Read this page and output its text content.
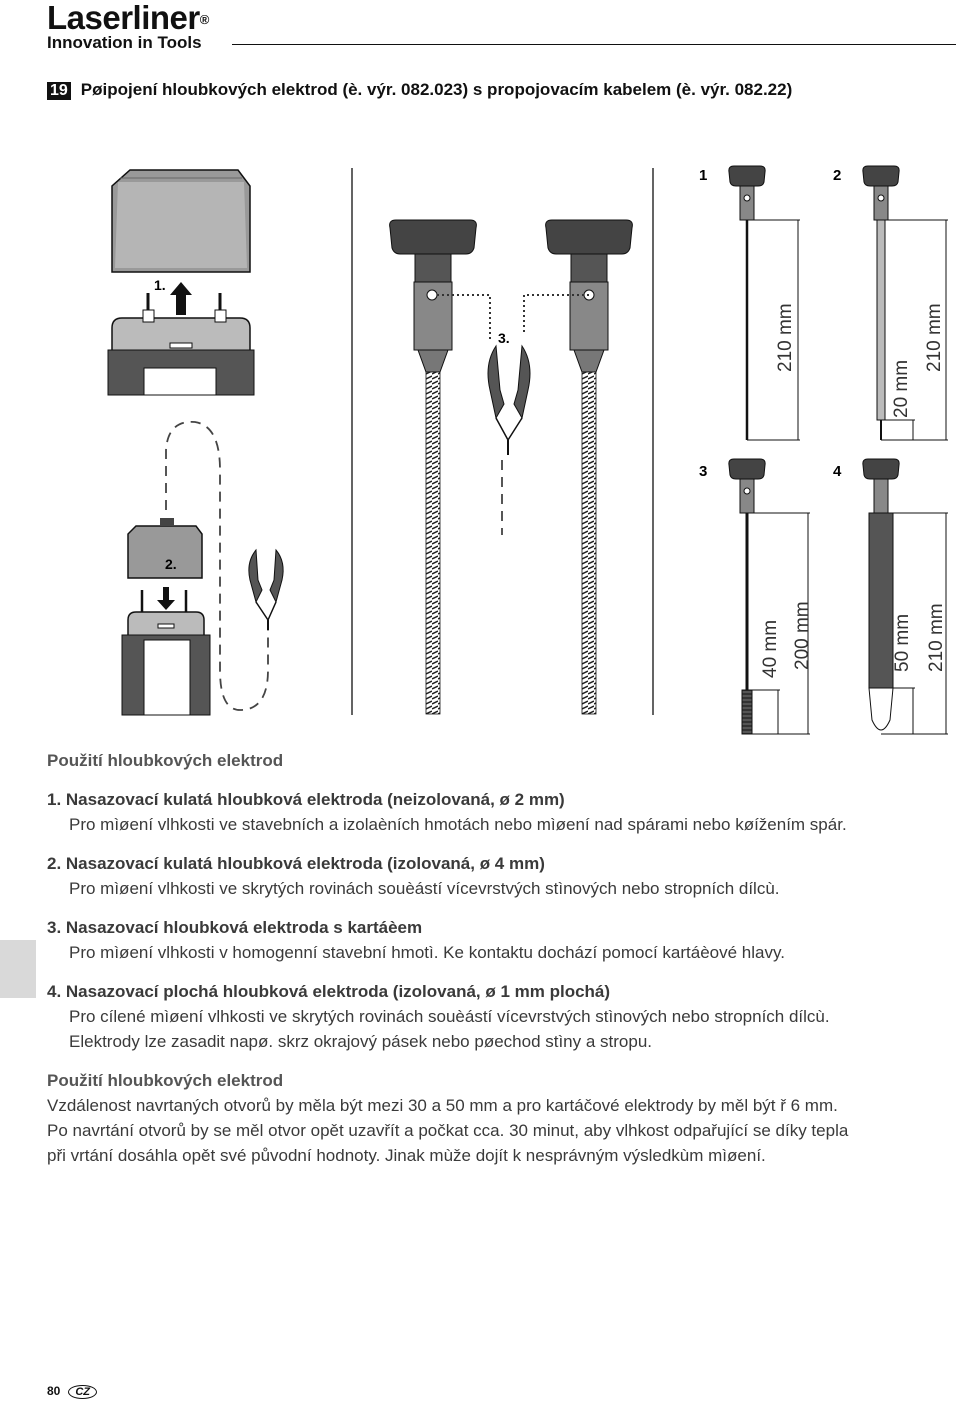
Laserliner®
Innovation in Tools
19 Pøipojení hloubkových elektrod (è. výr. 082.023) s propojovacím kabelem (è. výr. 082.22)
1.
2.
3.
1	2
3	4
210 mm
20 mm
210 mm
40 mm 200 mm	50 mm 210 mm
Použití hloubkových elektrod
1. Nasazovací kulatá hloubková elektroda (neizolovaná, ø 2 mm)
Pro mìøení vlhkosti ve stavebních a izolaèních hmotách nebo mìøení nad spárami nebo køížením spár.
2. Nasazovací kulatá hloubková elektroda (izolovaná, ø 4 mm)
Pro mìøení vlhkosti ve skrytých rovinách souèástí vícevrstvých stìnových nebo stropních dílcù.
3. Nasazovací hloubková elektroda s kartáèem
Pro mìøení vlhkosti v homogenní stavební hmotì. Ke kontaktu dochází pomocí kartáèové hlavy.
4. Nasazovací plochá hloubková elektroda (izolovaná, ø 1 mm plochá)
Pro cílené mìøení vlhkosti ve skrytých rovinách souèástí vícevrstvých stìnových nebo stropních dílcù.
Elektrody lze zasadit napø. skrz okrajový pásek nebo pøechod stìny a stropu.
Použití hloubkových elektrod
Vzdálenost navrtaných otvorů by měla být mezi 30 a 50 mm a pro kartáčové elektrody by měl být ř 6 mm.
Po navrtání otvorů by se měl otvor opět uzavřít a počkat cca. 30 minut, aby vlhkost odpařující se díky tepla
při vrtání dosáhla opět své původní hodnoty. Jinak mùže dojít k nesprávným výsledkùm mìøení.
80 CZ
